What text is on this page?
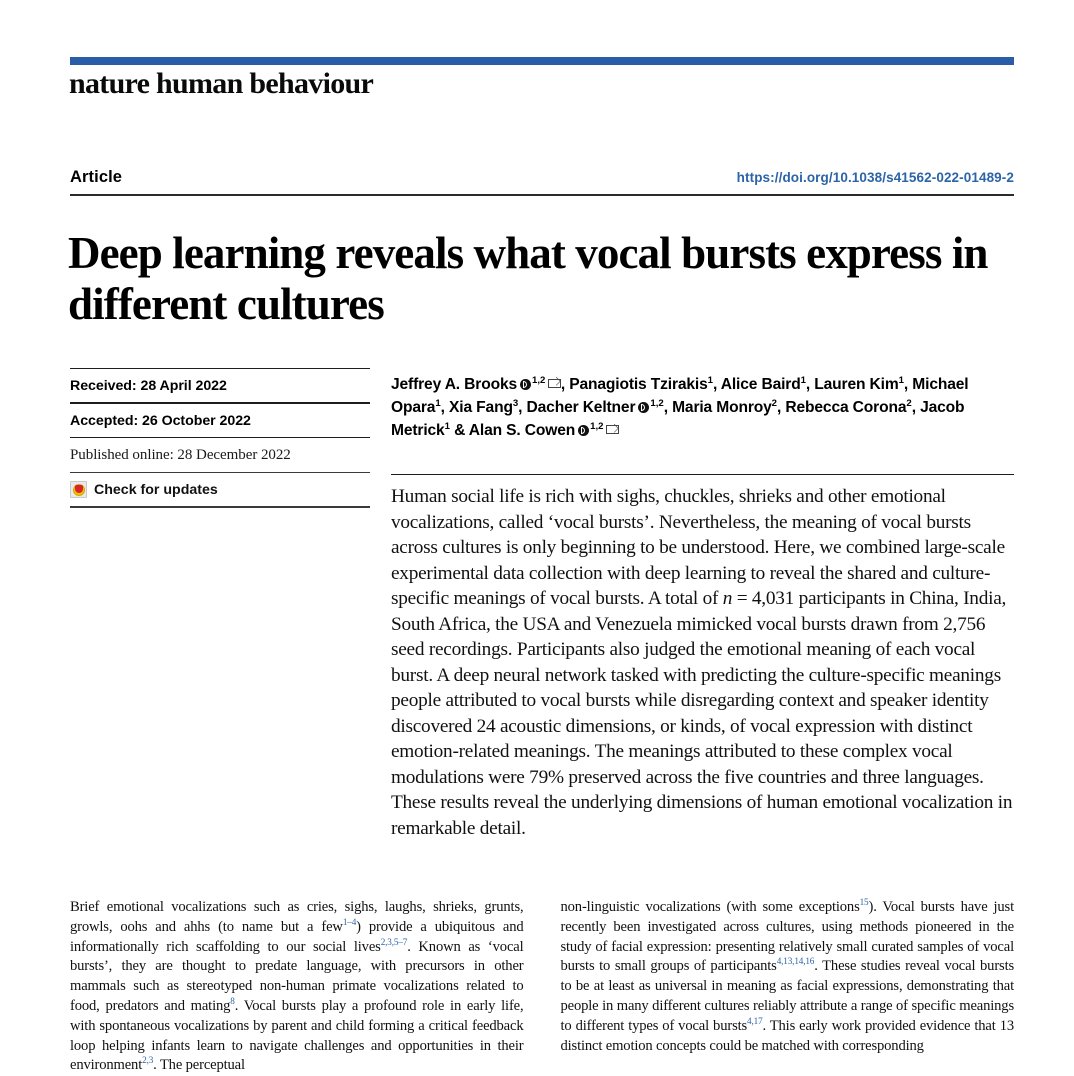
nature human behaviour
Article	https://doi.org/10.1038/s41562-022-01489-2
Deep learning reveals what vocal bursts express in different cultures
Received: 28 April 2022
Accepted: 26 October 2022
Published online: 28 December 2022
Check for updates
Jeffrey A. Brooks $^{1,2}$ , Panagiotis Tzirakis$^1$, Alice Baird$^1$, Lauren Kim$^1$, Michael Opara$^1$, Xia Fang$^3$, Dacher Keltner $^{1,2}$, Maria Monroy$^2$, Rebecca Corona$^2$, Jacob Metrick$^1$ & Alan S. Cowen $^{1,2}$
Human social life is rich with sighs, chuckles, shrieks and other emotional vocalizations, called ‘vocal bursts’. Nevertheless, the meaning of vocal bursts across cultures is only beginning to be understood. Here, we combined large-scale experimental data collection with deep learning to reveal the shared and culture-specific meanings of vocal bursts. A total of n = 4,031 participants in China, India, South Africa, the USA and Venezuela mimicked vocal bursts drawn from 2,756 seed recordings. Participants also judged the emotional meaning of each vocal burst. A deep neural network tasked with predicting the culture-specific meanings people attributed to vocal bursts while disregarding context and speaker identity discovered 24 acoustic dimensions, or kinds, of vocal expression with distinct emotion-related meanings. The meanings attributed to these complex vocal modulations were 79% preserved across the five countries and three languages. These results reveal the underlying dimensions of human emotional vocalization in remarkable detail.
Brief emotional vocalizations such as cries, sighs, laughs, shrieks, grunts, growls, oohs and ahhs (to name but a few$^{1-4}$) provide a ubiquitous and informationally rich scaffolding to our social lives$^{2,3,5-7}$. Known as ‘vocal bursts’, they are thought to predate language, with precursors in other mammals such as stereotyped non-human primate vocalizations related to food, predators and mating$^8$. Vocal bursts play a profound role in early life, with spontaneous vocalizations by parent and child forming a critical feedback loop helping infants learn to navigate challenges and opportunities in their environment$^{2,3}$. The perceptual
non-linguistic vocalizations (with some exceptions$^{15}$). Vocal bursts have just recently been investigated across cultures, using methods pioneered in the study of facial expression: presenting relatively small curated samples of vocal bursts to small groups of participants$^{4,13,14,16}$. These studies reveal vocal bursts to be at least as universal in meaning as facial expressions, demonstrating that people in many different cultures reliably attribute a range of specific meanings to different types of vocal bursts$^{4,17}$. This early work provided evidence that 13 distinct emotion concepts could be matched with corresponding
